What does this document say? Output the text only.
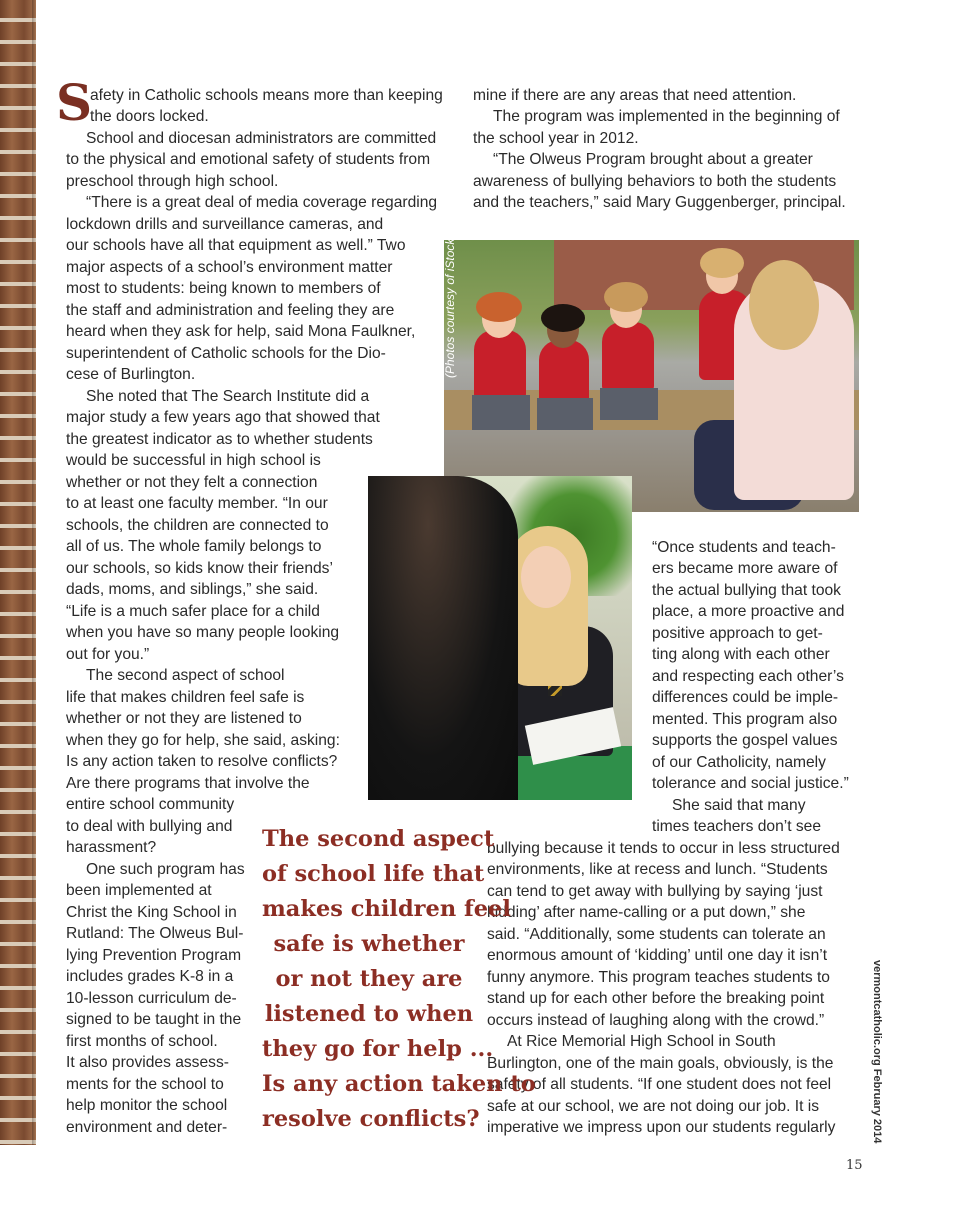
S
afety in Catholic schools means more than keeping
the doors locked.
School and diocesan administrators are committed
to the physical and emotional safety of students from
preschool through high school.
“There is a great deal of media coverage regarding
lockdown drills and surveillance cameras, and
our schools have all that equipment as well.” Two
major aspects of a school’s environment matter
most to students: being known to members of
the staff and administration and feeling they are
heard when they ask for help, said Mona Faulkner,
superintendent of Catholic schools for the Dio-
cese of Burlington.
She noted that The Search Institute did a
major study a few years ago that showed that
the greatest indicator as to whether students
would be successful in high school is
whether or not they felt a connection
to at least one faculty member. “In our
schools, the children are connected to
all of us. The whole family belongs to
our schools, so kids know their friends’
dads, moms, and siblings,” she said.
“Life is a much safer place for a child
when you have so many people looking
out for you.”
The second aspect of school
life that makes children feel safe is
whether or not they are listened to
when they go for help, she said, asking:
Is any action taken to resolve conflicts?
Are there programs that involve the
entire school community
to deal with bullying and
harassment?
One such program has
been implemented at
Christ the King School in
Rutland: The Olweus Bul-
lying Prevention Program
includes grades K-8 in a
10-lesson curriculum de-
signed to be taught in the
first months of school.
It also provides assess-
ments for the school to
help monitor the school
environment and deter-
mine if there are any areas that need attention.
The program was implemented in the beginning of
the school year in 2012.
“The Olweus Program brought about a greater
awareness of bullying behaviors to both the students
and the teachers,” said Mary Guggenberger, principal.
(Photos courtesy of iStock)
“Once students and teach-
ers became more aware of
the actual bullying that took
place, a more proactive and
positive approach to get-
ting along with each other
and respecting each other’s
differences could be imple-
mented. This program also
supports the gospel values
of our Catholicity, namely
tolerance and social justice.”
She said that many
times teachers don’t see
bullying because it tends to occur in less structured
environments, like at recess and lunch. “Students
can tend to get away with bullying by saying ‘just
kidding’ after name-calling or a put down,” she
said. “Additionally, some students can tolerate an
enormous amount of ‘kidding’ until one day it isn’t
funny anymore. This program teaches students to
stand up for each other before the breaking point
occurs instead of laughing along with the crowd.”
At Rice Memorial High School in South
Burlington, one of the main goals, obviously, is the
safety of all students. “If one student does not feel
safe at our school, we are not doing our job. It is
imperative we impress upon our students regularly
The second aspect
of school life that
makes children feel
safe is whether
or not they are
listened to when
they go for help ...
Is any action taken to
resolve conflicts?	vermontcatholic.org February 2014
15
